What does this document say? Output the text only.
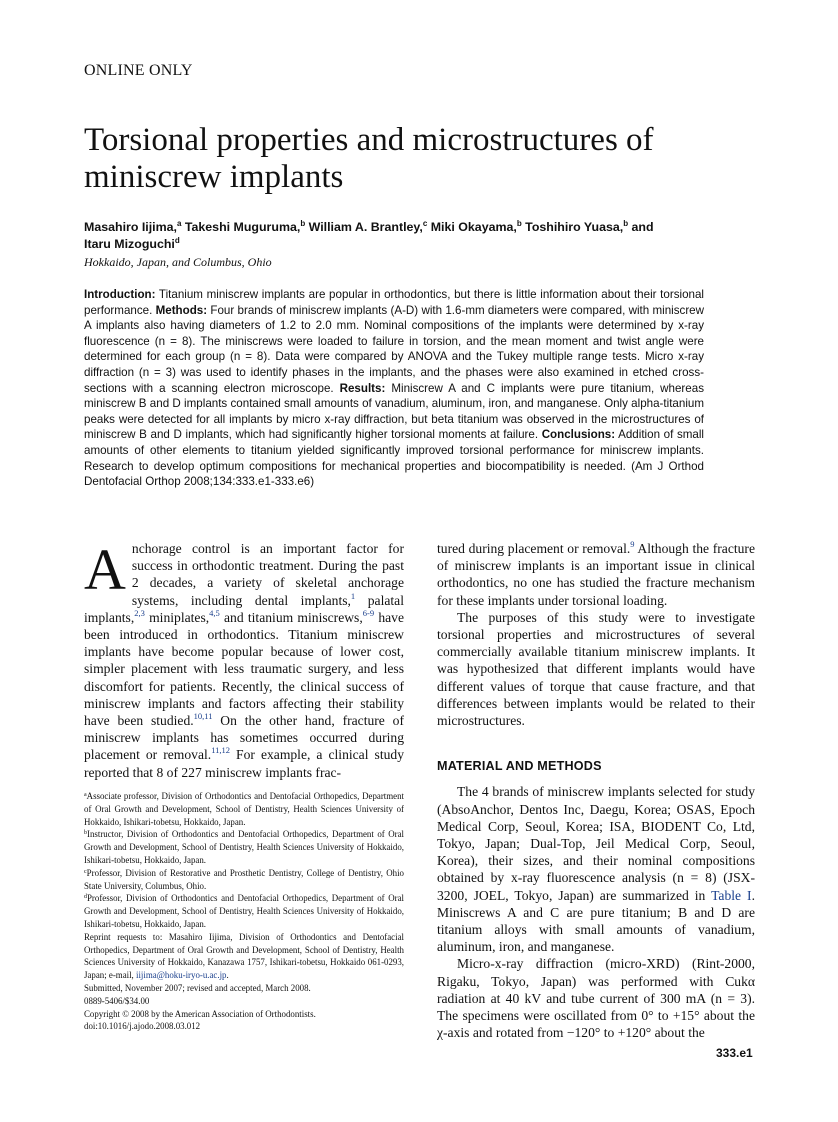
ONLINE ONLY
Torsional properties and microstructures of
miniscrew implants
Masahiro Iijima,$^a$ Takeshi Muguruma,$^b$ William A. Brantley,$^c$ Miki Okayama,$^b$ Toshihiro Yuasa,$^b$ and
Itaru Mizoguchi$^d$
Hokkaido, Japan, and Columbus, Ohio
Introduction: Titanium miniscrew implants are popular in orthodontics, but there is little information about their torsional performance. Methods: Four brands of miniscrew implants (A-D) with 1.6-mm diameters were compared, with miniscrew A implants also having diameters of 1.2 to 2.0 mm. Nominal compositions of the implants were determined by x-ray fluorescence (n = 8). The miniscrews were loaded to failure in torsion, and the mean moment and twist angle were determined for each group (n = 8). Data were compared by ANOVA and the Tukey multiple range tests. Micro x-ray diffraction (n = 3) was used to identify phases in the implants, and the phases were also examined in etched cross-sections with a scanning electron microscope. Results: Miniscrew A and C implants were pure titanium, whereas miniscrew B and D implants contained small amounts of vanadium, aluminum, iron, and manganese. Only alpha-titanium peaks were detected for all implants by micro x-ray diffraction, but beta titanium was observed in the microstructures of miniscrew B and D implants, which had significantly higher torsional moments at failure. Conclusions: Addition of small amounts of other elements to titanium yielded significantly improved torsional performance for miniscrew implants. Research to develop optimum compositions for mechanical properties and biocompatibility is needed. (Am J Orthod Dentofacial Orthop 2008;134:333.e1-333.e6)

Anchorage control is an important factor for success in orthodontic treatment. During the past 2 decades, a variety of skeletal anchorage systems, including dental implants,$^1$ palatal implants,$^{2,3}$ miniplates,$^{4,5}$ and titanium miniscrews,$^{6-9}$ have been introduced in orthodontics. Titanium miniscrew implants have become popular because of lower cost, simpler placement with less traumatic surgery, and less discomfort for patients. Recently, the clinical success of miniscrew implants and factors affecting their stability have been studied.$^{10,11}$ On the other hand, fracture of miniscrew implants has sometimes occurred during placement or removal.$^{11,12}$ For example, a clinical study reported that 8 of 227 miniscrew implants frac-

$^a$Associate professor, Division of Orthodontics and Dentofacial Orthopedics, Department of Oral Growth and Development, School of Dentistry, Health Sciences University of Hokkaido, Ishikari-tobetsu, Hokkaido, Japan.

$^b$Instructor, Division of Orthodontics and Dentofacial Orthopedics, Department of Oral Growth and Development, School of Dentistry, Health Sciences University of Hokkaido, Ishikari-tobetsu, Hokkaido, Japan.

$^c$Professor, Division of Restorative and Prosthetic Dentistry, College of Dentistry, Ohio State University, Columbus, Ohio.

$^d$Professor, Division of Orthodontics and Dentofacial Orthopedics, Department of Oral Growth and Development, School of Dentistry, Health Sciences University of Hokkaido, Ishikari-tobetsu, Hokkaido, Japan.

Reprint requests to: Masahiro Iijima, Division of Orthodontics and Dentofacial Orthopedics, Department of Oral Growth and Development, School of Dentistry, Health Sciences University of Hokkaido, Kanazawa 1757, Ishikari-tobetsu, Hokkaido 061-0293, Japan; e-mail, iijima@hoku-iryo-u.ac.jp.

Submitted, November 2007; revised and accepted, March 2008.

0889-5406/$34.00

Copyright © 2008 by the American Association of Orthodontists.

doi:10.1016/j.ajodo.2008.03.012

tured during placement or removal.$^9$ Although the fracture of miniscrew implants is an important issue in clinical orthodontics, no one has studied the fracture mechanism for these implants under torsional loading.

The purposes of this study were to investigate torsional properties and microstructures of several commercially available titanium miniscrew implants. It was hypothesized that different implants would have different values of torque that cause fracture, and that differences between implants would be related to their microstructures.

MATERIAL AND METHODS

The 4 brands of miniscrew implants selected for study (AbsoAnchor, Dentos Inc, Daegu, Korea; OSAS, Epoch Medical Corp, Seoul, Korea; ISA, BIODENT Co, Ltd, Tokyo, Japan; Dual-Top, Jeil Medical Corp, Seoul, Korea), their sizes, and their nominal compositions obtained by x-ray fluorescence analysis (n = 8) (JSX-3200, JOEL, Tokyo, Japan) are summarized in Table I. Miniscrews A and C are pure titanium; B and D are titanium alloys with small amounts of vanadium, aluminum, iron, and manganese.

Micro-x-ray diffraction (micro-XRD) (Rint-2000, Rigaku, Tokyo, Japan) was performed with Cukα radiation at 40 kV and tube current of 300 mA (n = 3). The specimens were oscillated from 0° to +15° about the χ-axis and rotated from −120° to +120° about the

333.e1
